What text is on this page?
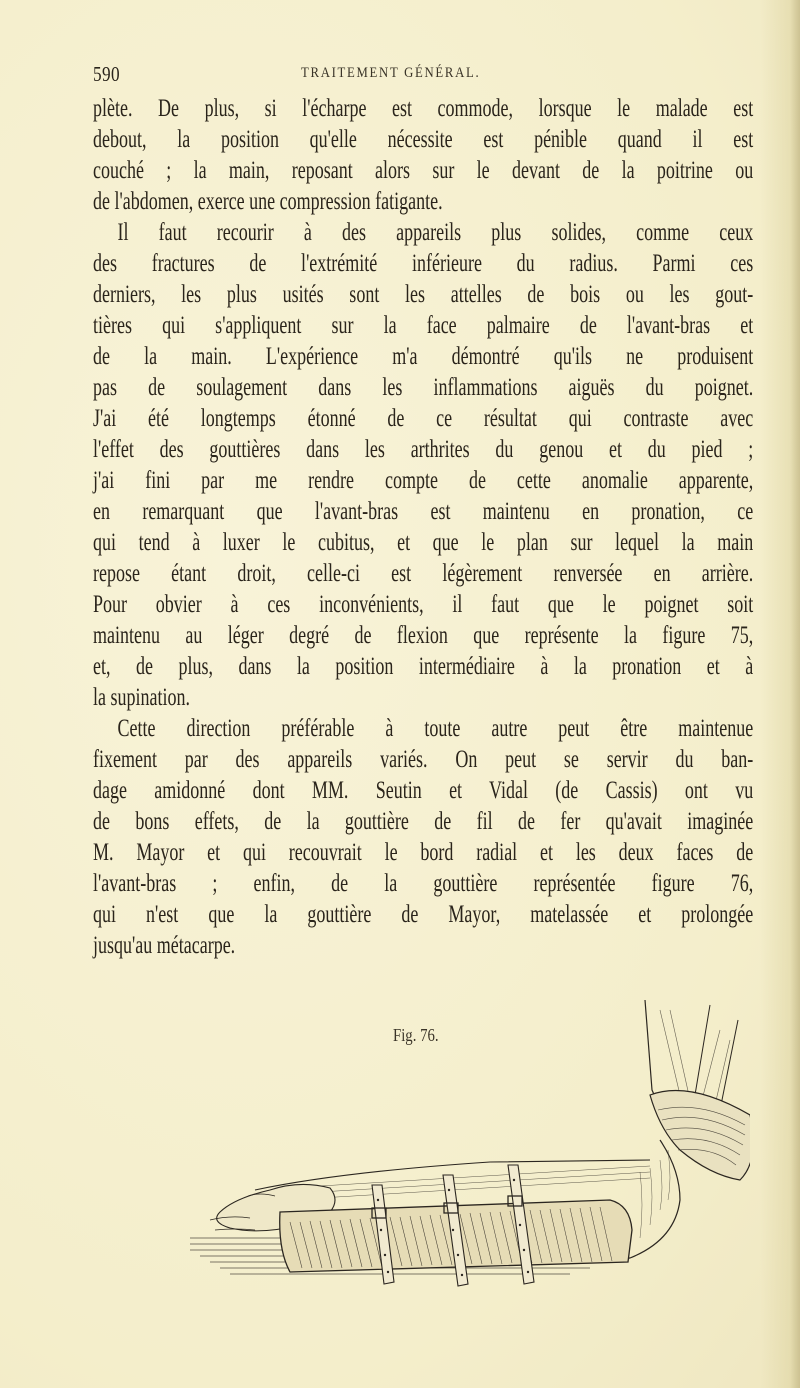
590	TRAITEMENT GÉNÉRAL.
plète. De plus, si l'écharpe est commode, lorsque le malade est
debout, la position qu'elle nécessite est pénible quand il est
couché ; la main, reposant alors sur le devant de la poitrine ou
de l'abdomen, exerce une compression fatigante.
Il faut recourir à des appareils plus solides, comme ceux
des fractures de l'extrémité inférieure du radius. Parmi ces
derniers, les plus usités sont les attelles de bois ou les gout-
tières qui s'appliquent sur la face palmaire de l'avant-bras et
de la main. L'expérience m'a démontré qu'ils ne produisent
pas de soulagement dans les inflammations aiguës du poignet.
J'ai été longtemps étonné de ce résultat qui contraste avec
l'effet des gouttières dans les arthrites du genou et du pied ;
j'ai fini par me rendre compte de cette anomalie apparente,
en remarquant que l'avant-bras est maintenu en pronation, ce
qui tend à luxer le cubitus, et que le plan sur lequel la main
repose étant droit, celle-ci est légèrement renversée en arrière.
Pour obvier à ces inconvénients, il faut que le poignet soit
maintenu au léger degré de flexion que représente la figure 75,
et, de plus, dans la position intermédiaire à la pronation et à
la supination.
Cette direction préférable à toute autre peut être maintenue
fixement par des appareils variés. On peut se servir du ban-
dage amidonné dont MM. Seutin et Vidal (de Cassis) ont vu
de bons effets, de la gouttière de fil de fer qu'avait imaginée
M. Mayor et qui recouvrait le bord radial et les deux faces de
l'avant-bras ; enfin, de la gouttière représentée figure 76,
qui n'est que la gouttière de Mayor, matelassée et prolongée
jusqu'au métacarpe.
Fig. 76.
